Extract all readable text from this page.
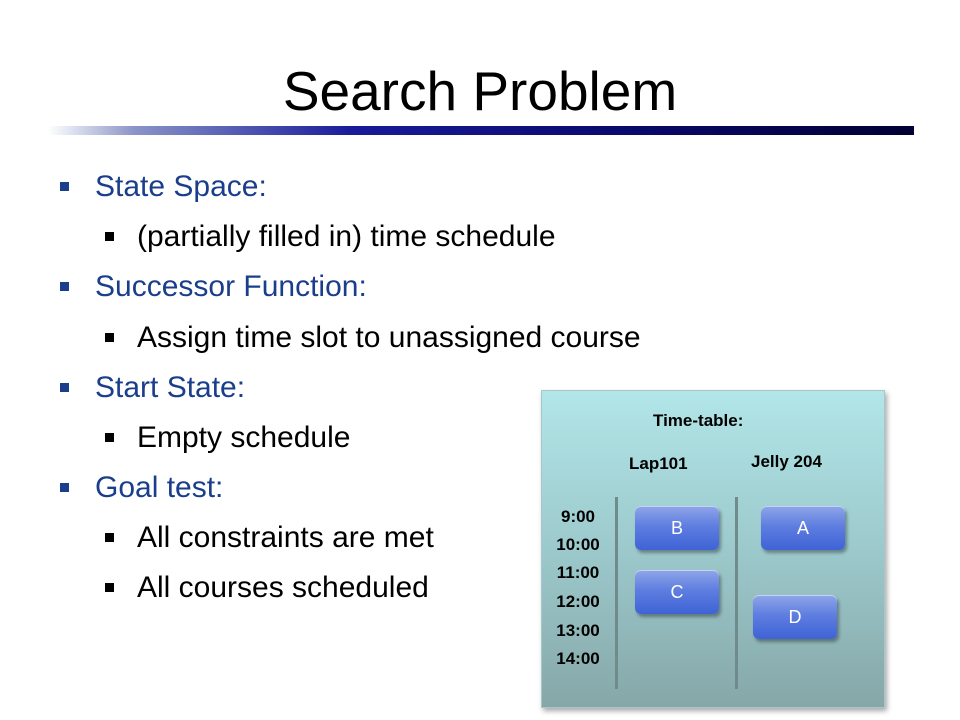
Search Problem
State Space:
(partially filled in) time schedule
Successor Function:
Assign time slot to unassigned course
Start State:
Empty schedule
Goal test:
All constraints are met
All courses scheduled
Time-table:
Lap101	Jelly 204
9:00
10:00
11:00
12:00
13:00
14:00
B	A
C
D
